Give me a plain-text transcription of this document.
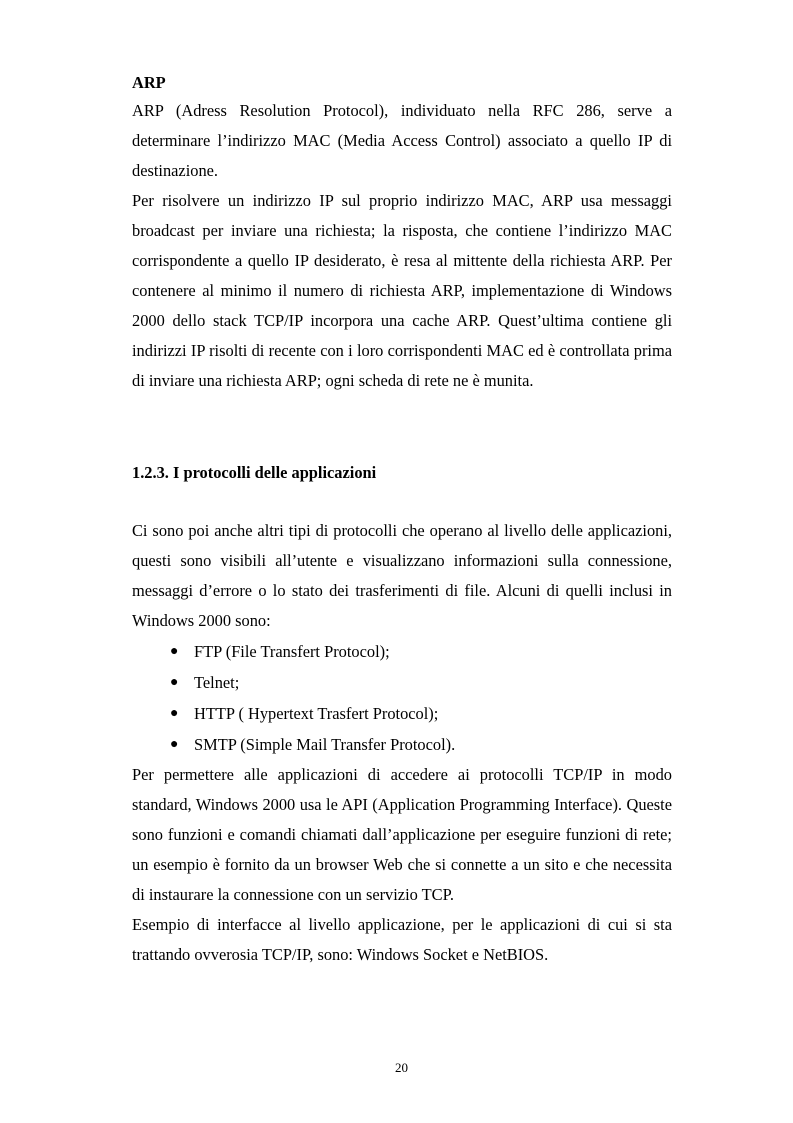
ARP

ARP (Adress Resolution Protocol), individuato nella RFC 286, serve a determinare l’indirizzo MAC (Media Access Control) associato a quello IP di destinazione.

Per risolvere un indirizzo IP sul proprio indirizzo MAC, ARP usa messaggi broadcast per inviare una richiesta; la risposta, che contiene l’indirizzo MAC corrispondente a quello IP desiderato, è resa al mittente della richiesta ARP. Per contenere al minimo il numero di richiesta ARP, implementazione di Windows 2000 dello stack TCP/IP incorpora una cache ARP. Quest’ultima contiene gli indirizzi IP risolti di recente con i loro corrispondenti MAC ed è controllata prima di inviare una richiesta ARP; ogni scheda di rete ne è munita.

1.2.3. I protocolli delle applicazioni

Ci sono poi anche altri tipi di protocolli che operano al livello delle applicazioni, questi sono visibili all’utente e visualizzano informazioni sulla connessione, messaggi d’errore o lo stato dei trasferimenti di file. Alcuni di quelli inclusi in Windows 2000 sono:

● FTP (File Transfert Protocol);
● Telnet;
● HTTP ( Hypertext Trasfert Protocol);
● SMTP (Simple Mail Transfer Protocol).

Per permettere alle applicazioni di accedere ai protocolli TCP/IP in modo standard, Windows 2000 usa le API (Application Programming Interface). Queste sono funzioni e comandi chiamati dall’applicazione per eseguire funzioni di rete; un esempio è fornito da un browser Web che si connette a un sito e che necessita di instaurare la connessione con un servizio TCP.

Esempio di interfacce al livello applicazione, per le applicazioni di cui si sta trattando ovverosia TCP/IP, sono: Windows Socket e NetBIOS.

20
